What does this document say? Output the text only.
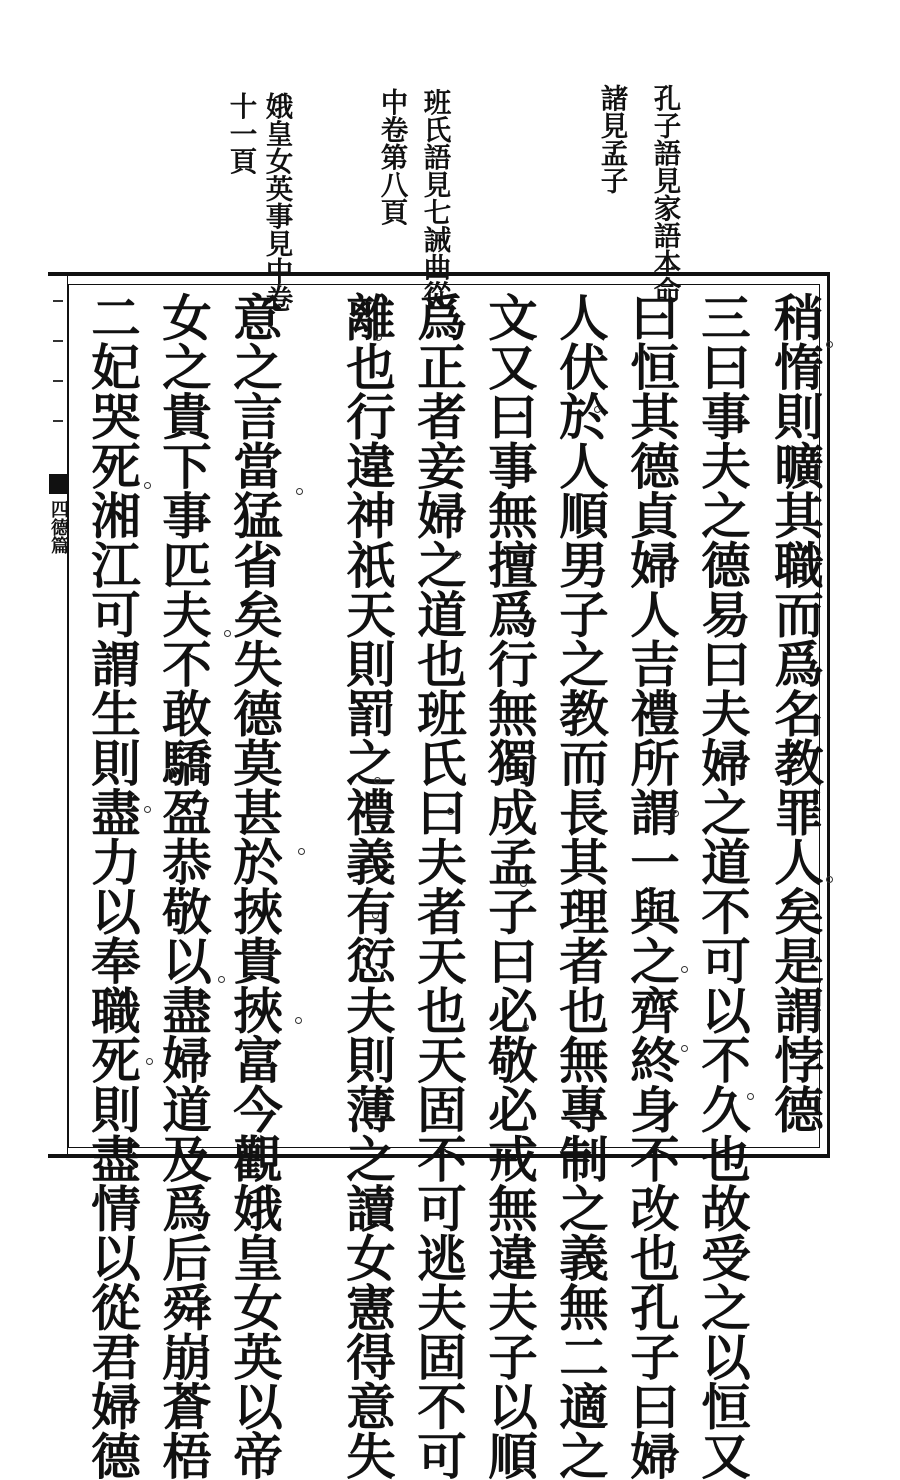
孔子語見家語本命
諸見孟子
班氏語見七誡曲從
中卷第八頁
娥皇女英事見中卷
十一頁
四德篇	稍惰則曠其職而爲名教罪人矣是謂悖德
三曰事夫之德易曰夫婦之道不可以不久也故受之以恒又
曰恒其德貞婦人吉禮所謂一與之齊終身不改也孔子曰婦
人伏於人順男子之教而長其理者也無專制之義無二適之
文又曰事無擅爲行無獨成孟子曰必敬必戒無違夫子以順
爲正者妾婦之道也班氏曰夫者天也天固不可逃夫固不可
離也行違神祇天則罰之禮義有愆夫則薄之讀女憲得意失
意之言當猛省矣失德莫甚於挾貴挾富今觀娥皇女英以帝
女之貴下事匹夫不敢驕盈恭敬以盡婦道及爲后舜崩蒼梧
二妃哭死湘江可謂生則盡力以奉職死則盡情以從君婦德
